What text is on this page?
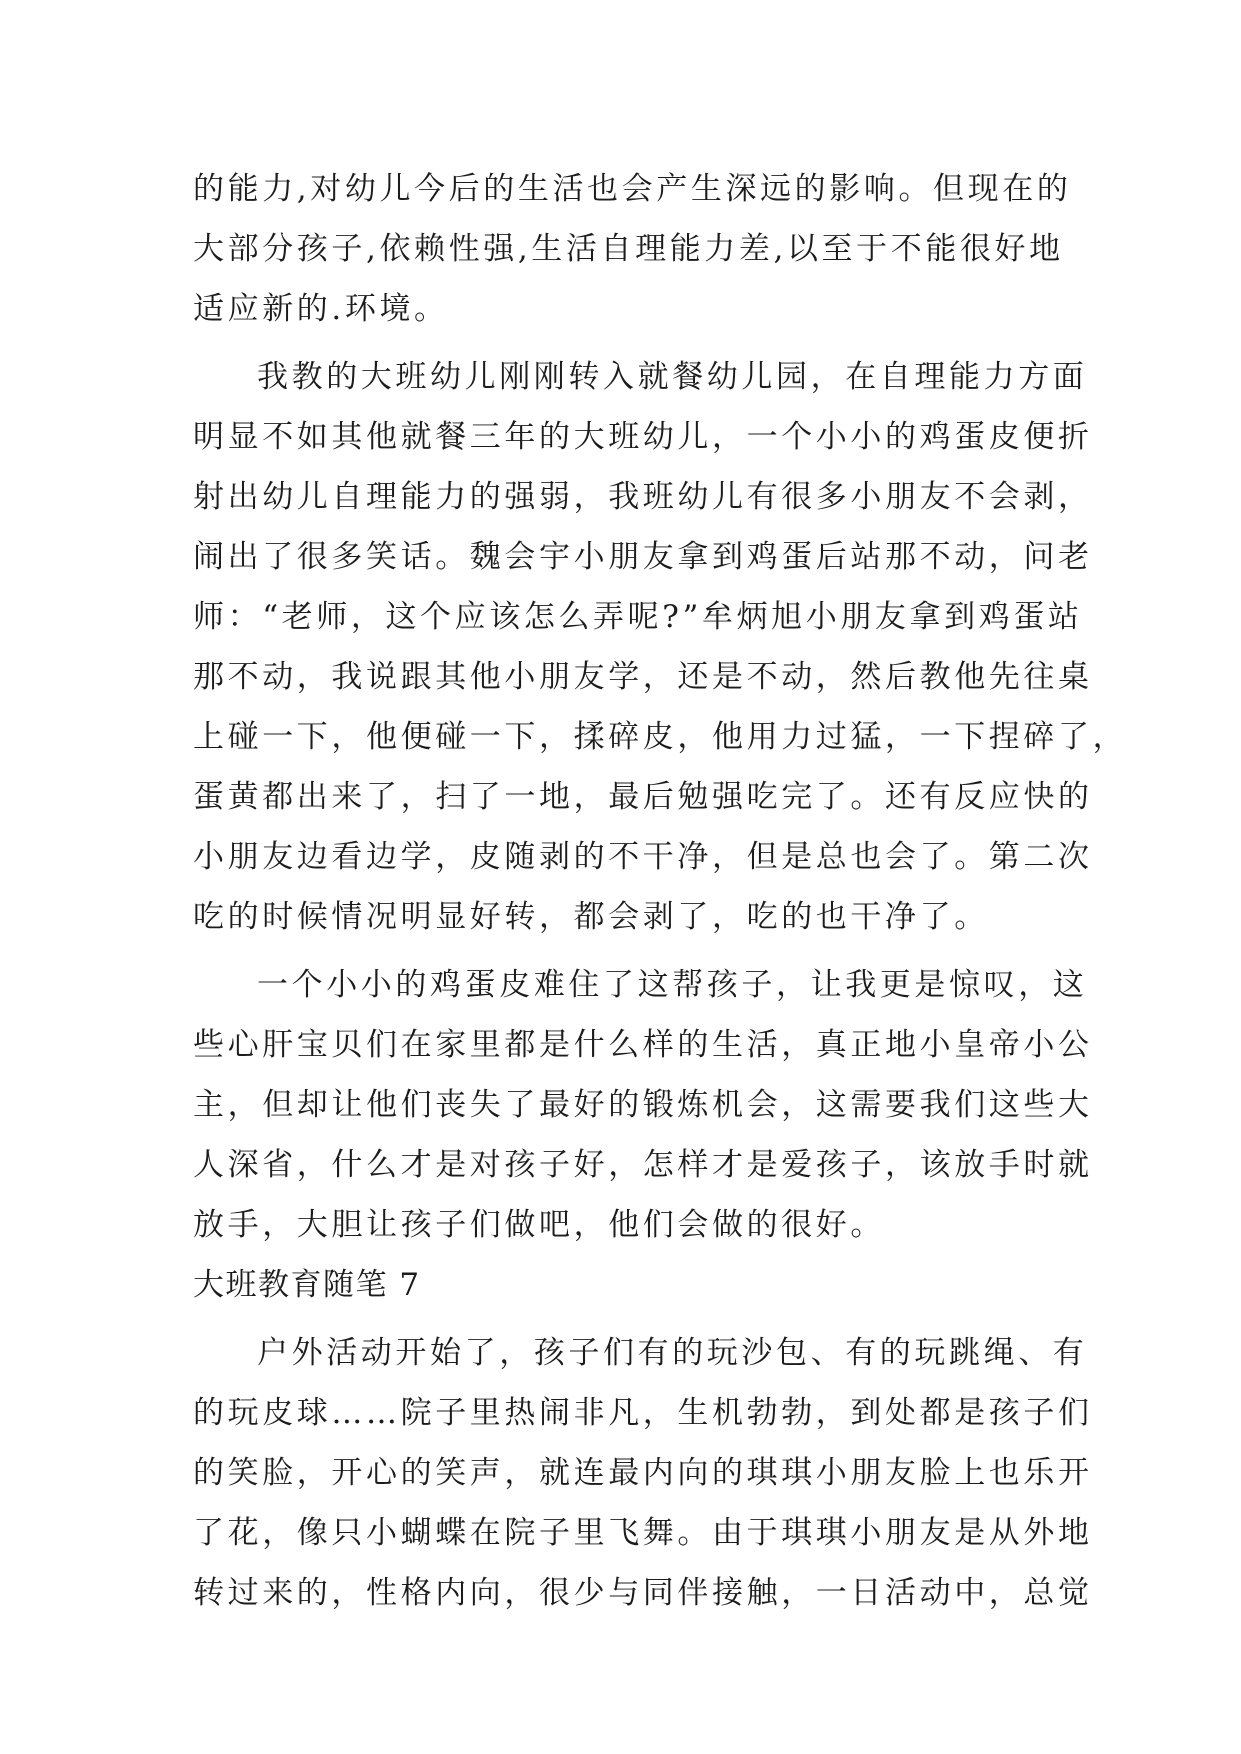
的能力,对幼儿今后的生活也会产生深远的影响。但现在的
大部分孩子,依赖性强,生活自理能力差,以至于不能很好地
适应新的.环境。
我教的大班幼儿刚刚转入就餐幼儿园，在自理能力方面
明显不如其他就餐三年的大班幼儿，一个小小的鸡蛋皮便折
射出幼儿自理能力的强弱，我班幼儿有很多小朋友不会剥，
闹出了很多笑话。魏会宇小朋友拿到鸡蛋后站那不动，问老
师：“老师，这个应该怎么弄呢?”牟炳旭小朋友拿到鸡蛋站
那不动，我说跟其他小朋友学，还是不动，然后教他先往桌
上碰一下，他便碰一下，揉碎皮，他用力过猛，一下捏碎了，
蛋黄都出来了，扫了一地，最后勉强吃完了。还有反应快的
小朋友边看边学，皮随剥的不干净，但是总也会了。第二次
吃的时候情况明显好转，都会剥了，吃的也干净了。
一个小小的鸡蛋皮难住了这帮孩子，让我更是惊叹，这
些心肝宝贝们在家里都是什么样的生活，真正地小皇帝小公
主，但却让他们丧失了最好的锻炼机会，这需要我们这些大
人深省，什么才是对孩子好，怎样才是爱孩子，该放手时就
放手，大胆让孩子们做吧，他们会做的很好。
大班教育随笔 7
户外活动开始了，孩子们有的玩沙包、有的玩跳绳、有
的玩皮球……院子里热闹非凡，生机勃勃，到处都是孩子们
的笑脸，开心的笑声，就连最内向的琪琪小朋友脸上也乐开
了花，像只小蝴蝶在院子里飞舞。由于琪琪小朋友是从外地
转过来的，性格内向，很少与同伴接触，一日活动中，总觉
